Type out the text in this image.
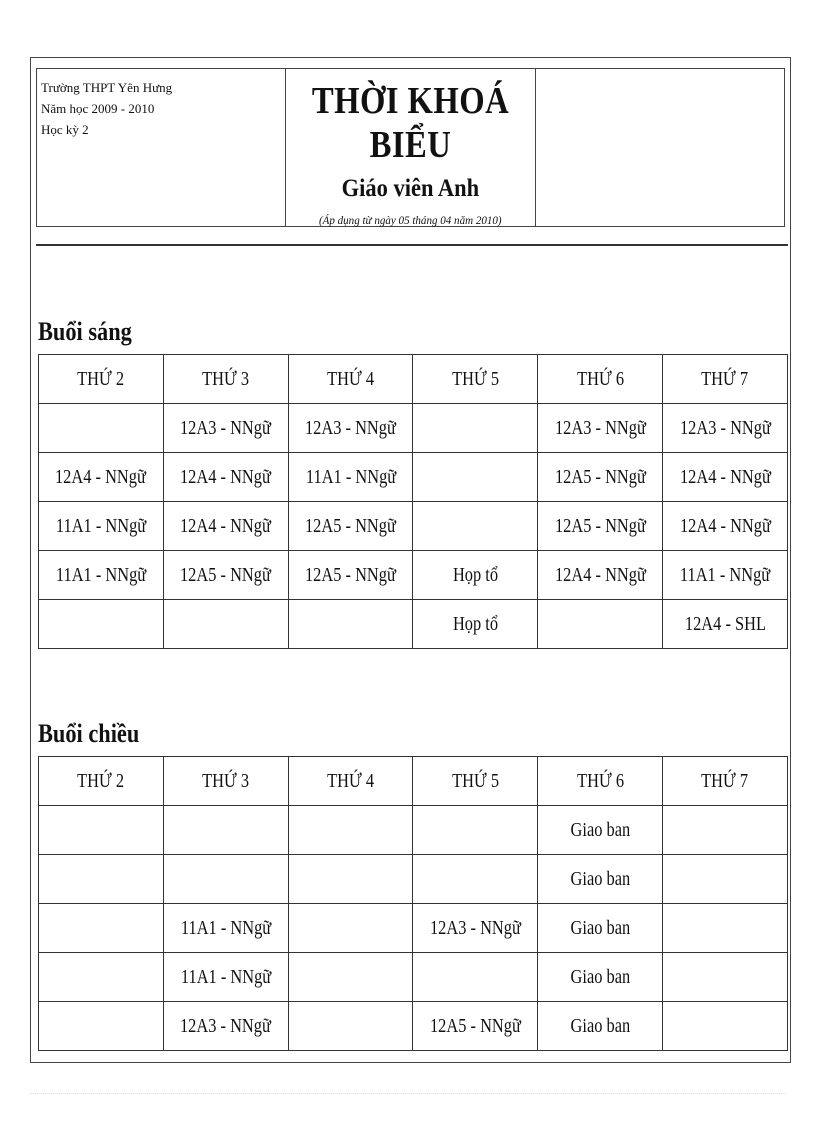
Trường THPT Yên Hưng
Năm học 2009 - 2010
Học kỳ 2
THỜI KHOÁ BIỂU
Giáo viên Anh
(Áp dụng từ ngày 05 tháng 04 năm 2010)
Buổi sáng
THỨ 2	THỨ 3	THỨ 4	THỨ 5	THỨ 6	THỨ 7
	12A3 - NNgữ	12A3 - NNgữ		12A3 - NNgữ	12A3 - NNgữ
12A4 - NNgữ	12A4 - NNgữ	11A1 - NNgữ		12A5 - NNgữ	12A4 - NNgữ
11A1 - NNgữ	12A4 - NNgữ	12A5 - NNgữ		12A5 - NNgữ	12A4 - NNgữ
11A1 - NNgữ	12A5 - NNgữ	12A5 - NNgữ	Họp tổ	12A4 - NNgữ	11A1 - NNgữ
			Họp tổ		12A4 - SHL
Buổi chiều
THỨ 2	THỨ 3	THỨ 4	THỨ 5	THỨ 6	THỨ 7
				Giao ban	
				Giao ban	
	11A1 - NNgữ		12A3 - NNgữ	Giao ban	
	11A1 - NNgữ			Giao ban	
	12A3 - NNgữ		12A5 - NNgữ	Giao ban	
